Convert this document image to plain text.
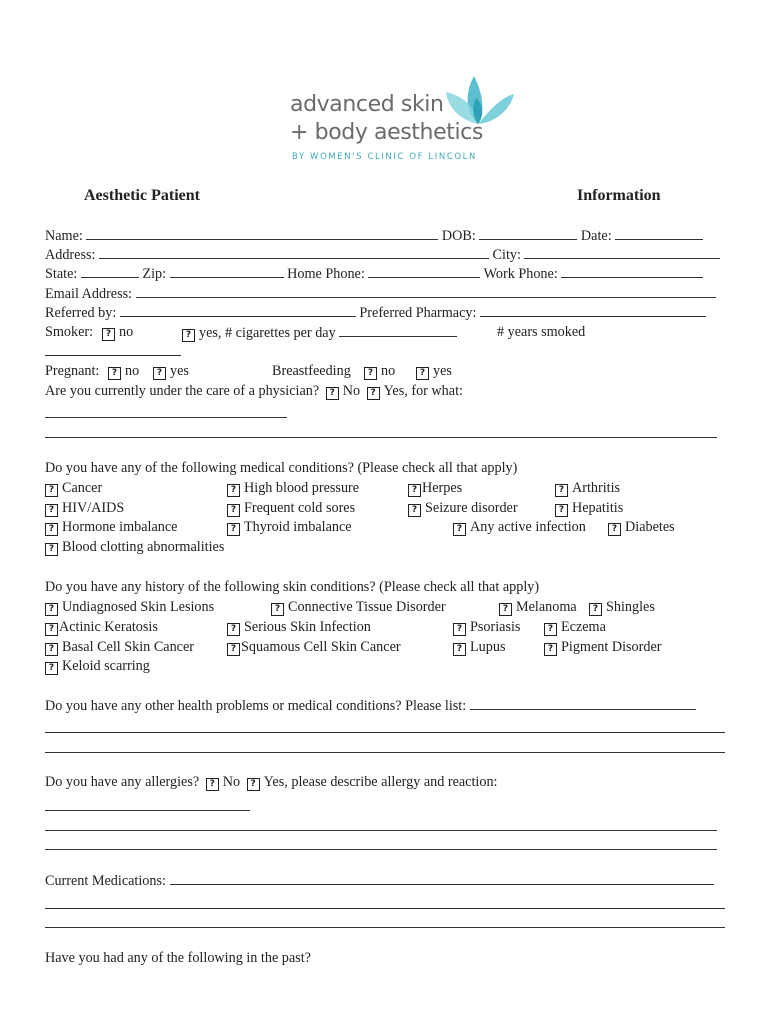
advanced skin
+ body aesthetics
BY WOMEN'S CLINIC OF LINCOLN
Aesthetic Patient	Information
Name:	DOB:	Date:
Address:	City:
State:	Zip:	Home Phone:	Work Phone:
Email Address:
Referred by:	Preferred Pharmacy:
Smoker:	? no	? yes, # cigarettes per day	# years smoked
Pregnant:	? no	? yes	Breastfeeding	? no	? yes
Are you currently under the care of a physician? ? No ? Yes, for what:
Do you have any of the following medical conditions? (Please check all that apply)
? Cancer	? High blood pressure	? Herpes	? Arthritis
? HIV/AIDS	? Frequent cold sores	? Seizure disorder	? Hepatitis
? Hormone imbalance	? Thyroid imbalance	? Any active infection	? Diabetes
? Blood clotting abnormalities
Do you have any history of the following skin conditions? (Please check all that apply)
? Undiagnosed Skin Lesions	? Connective Tissue Disorder	? Melanoma	? Shingles
? Actinic Keratosis	? Serious Skin Infection	? Psoriasis	? Eczema
? Basal Cell Skin Cancer	? Squamous Cell Skin Cancer	? Lupus	? Pigment Disorder
? Keloid scarring
Do you have any other health problems or medical conditions? Please list:
Do you have any allergies? ? No ? Yes, please describe allergy and reaction:
Current Medications:
Have you had any of the following in the past?
